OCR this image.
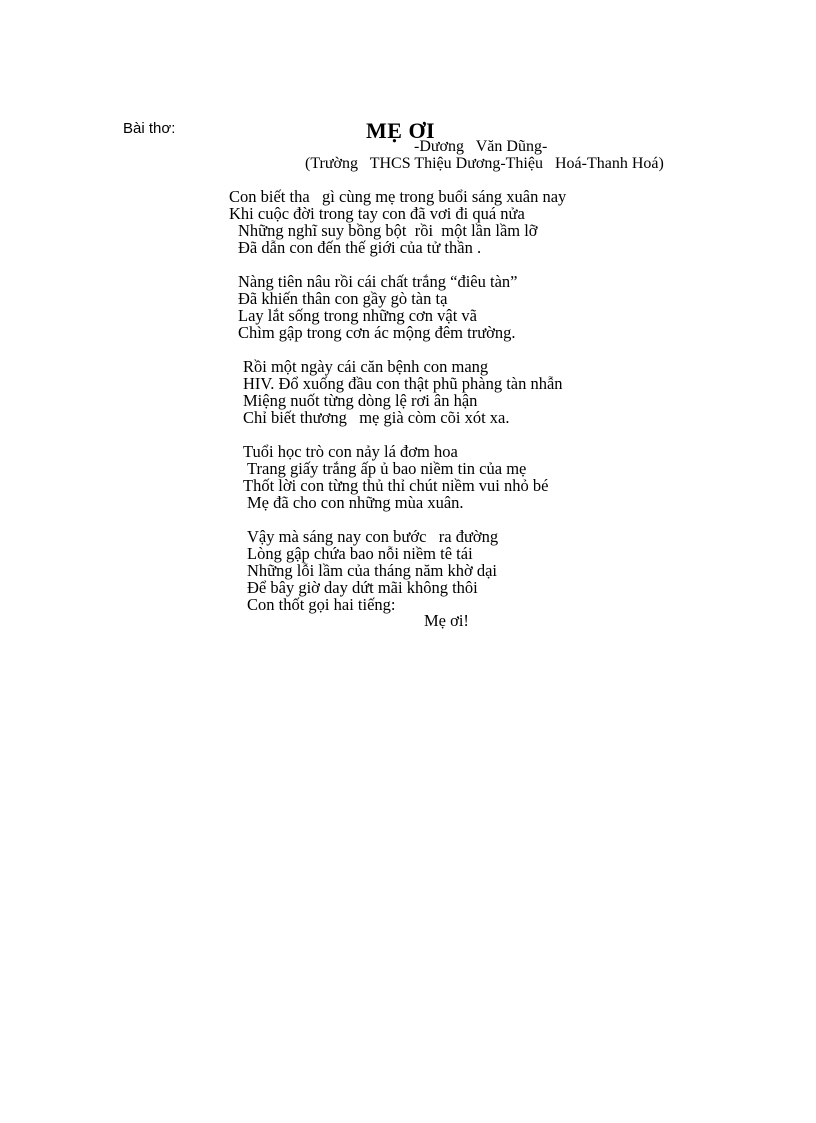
Bài thơ:	MẸ ƠI
-Dương   Văn Dũng-
(Trường   THCS Thiệu Dương-Thiệu   Hoá-Thanh Hoá)
Con biết tha   gì cùng mẹ trong buổi sáng xuân nay
Khi cuộc đời trong tay con đã vơi đi quá nửa
Những nghĩ suy bồng bột  rồi  một lần lầm lỡ
Đã dẫn con đến thế giới của tử thần .
Nàng tiên nâu rồi cái chất trắng “điêu tàn”
Đã khiến thân con gầy gò tàn tạ
Lay lắt sống trong những cơn vật vã
Chìm gập trong cơn ác mộng đêm trường.
Rồi một ngày cái căn bệnh con mang
HIV. Đổ xuống đầu con thật phũ phàng tàn nhẫn
Miệng nuốt từng dòng lệ rơi ân hận
Chỉ biết thương   mẹ già còm cõi xót xa.
Tuổi học trò con nảy lá đơm hoa
Trang giấy trắng ấp ủ bao niềm tin của mẹ
Thốt lời con từng thủ thỉ chút niềm vui nhỏ bé
Mẹ đã cho con những mùa xuân.
Vậy mà sáng nay con bước   ra đường
Lòng gập chứa bao nỗi niềm tê tái
Những lỗi lầm của tháng năm khờ dại
Để bây giờ day dứt mãi không thôi
Con thốt gọi hai tiếng:
Mẹ ơi!
